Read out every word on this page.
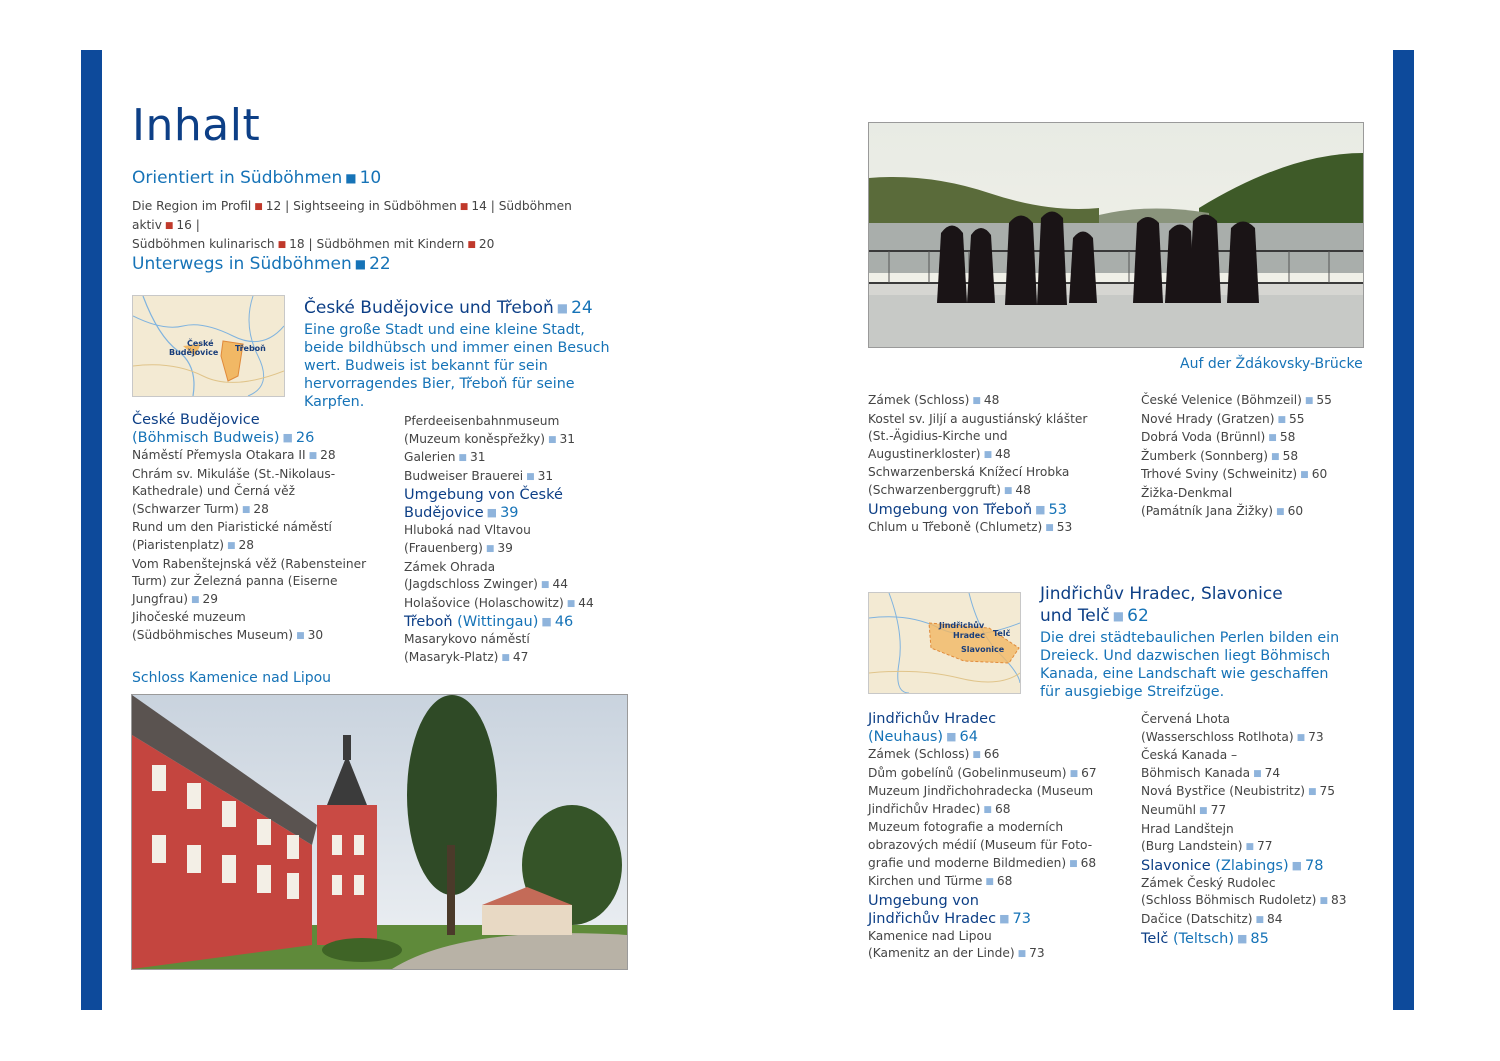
Inhalt
Orientiert in Südböhmen ■ 10
Die Region im Profil ■ 12 | Sightseeing in Südböhmen ■ 14 | Südböhmen aktiv ■ 16 |
Südböhmen kulinarisch ■ 18 | Südböhmen mit Kindern ■ 20
Unterwegs in Südböhmen ■ 22
České
Budějovice Třeboň
České Budějovice und Třeboň ■ 24
Eine große Stadt und eine kleine Stadt, beide bildhübsch und immer einen Besuch wert. Budweis ist bekannt für sein hervorragendes Bier, Třeboň für seine Karpfen.
České Budějovice
(Böhmisch Budweis) ■ 26
Náměstí Přemysla Otakara II ■ 28
Chrám sv. Mikuláše (St.-Nikolaus-
Kathedrale) und Černá věž
(Schwarzer Turm) ■ 28
Rund um den Piaristické náměstí
(Piaristenplatz) ■ 28
Vom Rabenštejnská věž (Rabensteiner
Turm) zur Železná panna (Eiserne
Jungfrau) ■ 29
Jihočeské muzeum
(Südböhmisches Museum) ■ 30
Pferdeeisenbahnmuseum
(Muzeum koněspřežky) ■ 31
Galerien ■ 31
Budweiser Brauerei ■ 31
Umgebung von České
Budějovice ■ 39
Hluboká nad Vltavou (Frauenberg) ■ 39
Zámek Ohrada
(Jagdschloss Zwinger) ■ 44
Holašovice (Holaschowitz) ■ 44
Třeboň (Wittingau) ■ 46
Masarykovo náměstí
(Masaryk-Platz) ■ 47
Schloss Kamenice nad Lipou
Auf der Ždákovsky-Brücke
Zámek (Schloss) ■ 48
Kostel sv. Jiljí a augustiánský klášter
(St.-Ägidius-Kirche und
Augustinerkloster) ■ 48
Schwarzenberská Knížecí Hrobka
(Schwarzenberggruft) ■ 48
Umgebung von Třeboň ■ 53
Chlum u Třeboně (Chlumetz) ■ 53
České Velenice (Böhmzeil) ■ 55
Nové Hrady (Gratzen) ■ 55
Dobrá Voda (Brünnl) ■ 58
Žumberk (Sonnberg) ■ 58
Trhové Sviny (Schweinitz) ■ 60
Žižka-Denkmal
(Památník Jana Žižky) ■ 60
Jindřichův
Hradec Telč
Slavonice
Jindřichův Hradec, Slavonice
und Telč ■ 62
Die drei städtebaulichen Perlen bilden ein Dreieck. Und dazwischen liegt Böhmisch Kanada, eine Landschaft wie geschaffen für ausgiebige Streifzüge.
Jindřichův Hradec
(Neuhaus) ■ 64
Zámek (Schloss) ■ 66
Dům gobelínů (Gobelinmuseum) ■ 67
Muzeum Jindřichohradecka (Museum
Jindřichův Hradec) ■ 68
Muzeum fotografie a moderních
obrazových médií (Museum für Foto-
grafie und moderne Bildmedien) ■ 68
Kirchen und Türme ■ 68
Umgebung von
Jindřichův Hradec ■ 73
Kamenice nad Lipou
(Kamenitz an der Linde) ■ 73
Červená Lhota
(Wasserschloss Rotlhota) ■ 73
Česká Kanada –
Böhmisch Kanada ■ 74
Nová Bystřice (Neubistritz) ■ 75
Neumühl ■ 77
Hrad Landštejn
(Burg Landstein) ■ 77
Slavonice (Zlabings) ■ 78
Zámek Český Rudolec
(Schloss Böhmisch Rudoletz) ■ 83
Dačice (Datschitz) ■ 84
Telč (Teltsch) ■ 85
